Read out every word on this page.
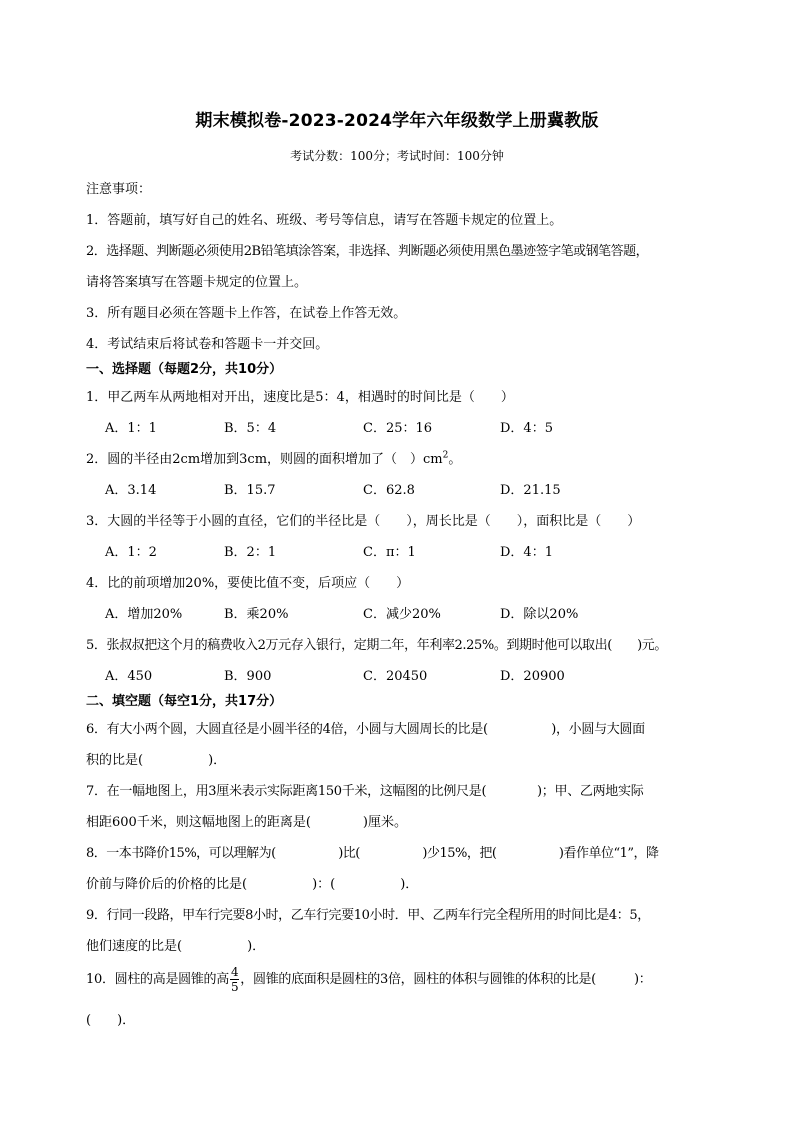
期末模拟卷-2023-2024学年六年级数学上册冀教版
考试分数：100分；考试时间：100分钟
注意事项：
1．答题前，填写好自己的姓名、班级、考号等信息，请写在答题卡规定的位置上。
2．选择题、判断题必须使用2B铅笔填涂答案，非选择、判断题必须使用黑色墨迹签字笔或钢笔答题，
请将答案填写在答题卡规定的位置上。
3．所有题目必须在答题卡上作答，在试卷上作答无效。
4．考试结束后将试卷和答题卡一并交回。
一、选择题（每题2分，共10分）
1．甲乙两车从两地相对开出，速度比是5：4，相遇时的时间比是（　　）
A．1：1	B．5：4	C．25：16	D．4：5
2．圆的半径由2cm增加到3cm，则圆的面积增加了（　）$cm^2$。
A．3.14	B．15.7	C．62.8	D．21.15
3．大圆的半径等于小圆的直径，它们的半径比是（　　），周长比是（　　），面积比是（　　）
A．1：2	B．2：1	C．π：1	D．4：1
4．比的前项增加20%，要使比值不变，后项应（　　）
A．增加20%	B．乘20%	C．减少20%	D．除以20%
5．张叔叔把这个月的稿费收入2万元存入银行，定期二年，年利率2.25%。到期时他可以取出(　　)元。
A．450	B．900	C．20450	D．20900
二、填空题（每空1分，共17分）
6．有大小两个圆，大圆直径是小圆半径的4倍，小圆与大圆周长的比是(　　　　　)，小圆与大圆面
积的比是(　　　　　)．
7．在一幅地图上，用3厘米表示实际距离150千米，这幅图的比例尺是(　　　　)；甲、乙两地实际
相距600千米，则这幅地图上的距离是(　　　　)厘米。
8．一本书降价15%，可以理解为(　　　　　)比(　　　　　)少15%，把(　　　　　)看作单位“1”，降
价前与降价后的价格的比是(　　　　　)：(　　　　　)．
9．行同一段路，甲车行完要8小时，乙车行完要10小时．甲、乙两车行完全程所用的时间比是4：5，
他们速度的比是(　　　　　)．
10．圆柱的高是圆锥的高 $\frac{4}{5}$ ，圆锥的底面积是圆柱的3倍，圆柱的体积与圆锥的体积的比是(　　　)：
(　　)．
